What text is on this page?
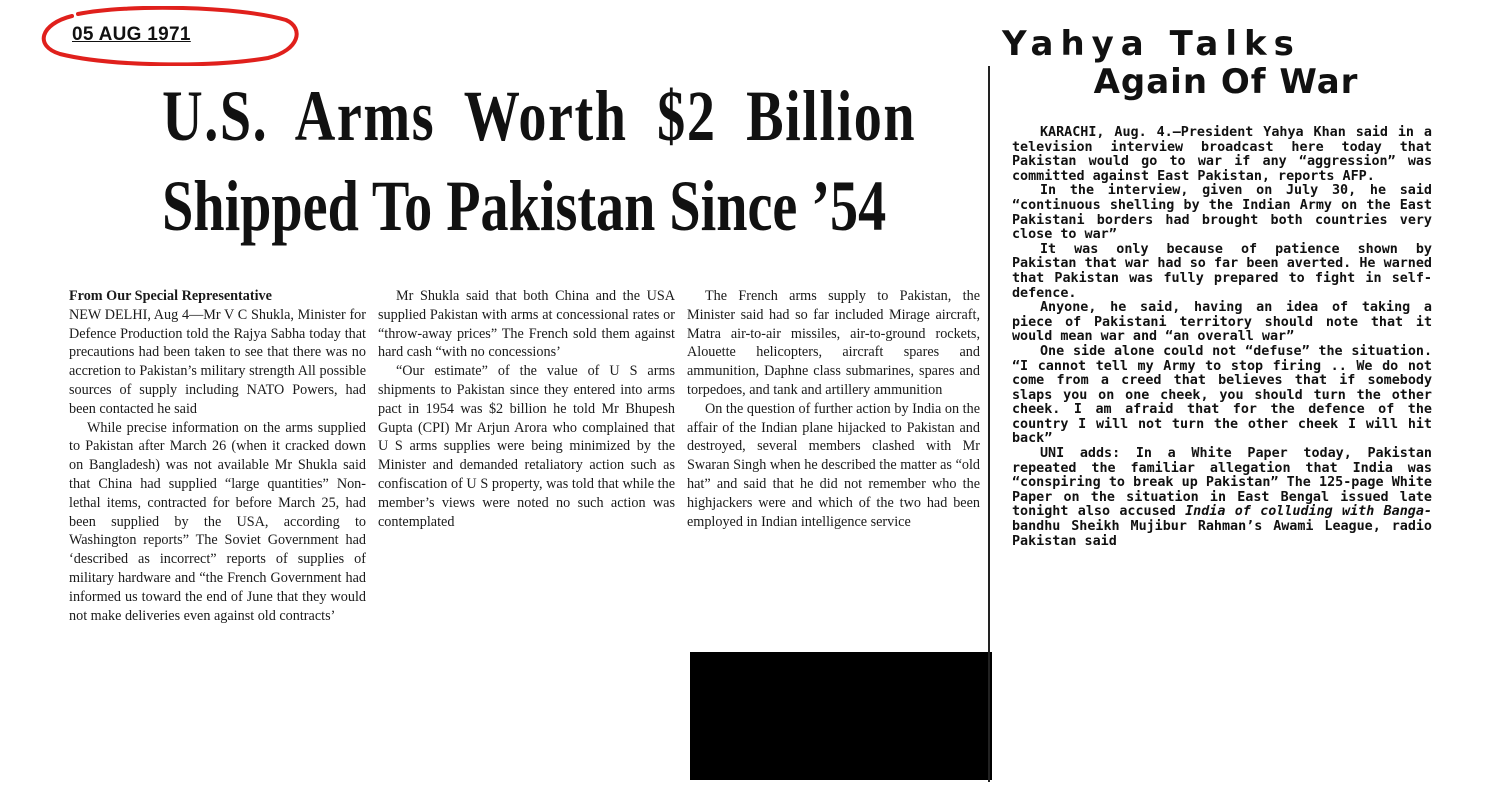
05 AUG 1971
U.S. Arms Worth $2 Billion
Shipped To Pakistan Since ’54
From Our Special Representative

NEW DELHI, Aug 4—Mr V C Shukla, Minister for Defence Production told the Rajya Sabha today that precautions had been taken to see that there was no accretion to Pakistan’s military strength All possible sources of supply including NATO Powers, had been contacted he said

While precise information on the arms supplied to Pakistan after March 26 (when it cracked down on Bangladesh) was not available Mr Shukla said that China had supplied “large quantities” Non-lethal items, contracted for before March 25, had been supplied by the USA, according to Washington reports” The Soviet Government had ‘described as incorrect” reports of supplies of military hardware and “the French Government had informed us toward the end of June that they would not make deliveries even against old contracts’

Mr Shukla said that both China and the USA supplied Pakistan with arms at concessional rates or “throw-away prices” The French sold them against hard cash “with no concessions’

“Our estimate” of the value of U S arms shipments to Pakistan since they entered into arms pact in 1954 was $2 billion he told Mr Bhupesh Gupta (CPI) Mr Arjun Arora who complained that U S arms supplies were being minimized by the Minister and demanded retaliatory action such as confiscation of U S property, was told that while the member’s views were noted no such action was contemplated

The French arms supply to Pakistan, the Minister said had so far included Mirage aircraft, Matra air-to-air missiles, air-to-ground rockets, Alouette helicopters, aircraft spares and ammunition, Daphne class submarines, spares and torpedoes, and tank and artillery ammunition

On the question of further action by India on the affair of the Indian plane hijacked to Pakistan and destroyed, several members clashed with Mr Swaran Singh when he described the matter as “old hat” and said that he did not remember who the highjackers were and which of the two had been employed in Indian intelligence service

Yahya Talks
Again Of War

KARACHI, Aug. 4.—President Yahya Khan said in a television interview broadcast here today that Pakistan would go to war if any “aggression” was committed against East Pakistan, reports AFP.

In the interview, given on July 30, he said “continuous shelling by the Indian Army on the East Pakistani borders had brought both countries very close to war”

It was only because of patience shown by Pakistan that war had so far been averted. He warned that Pakistan was fully prepared to fight in self-defence.

Anyone, he said, having an idea of taking a piece of Pakistani territory should note that it would mean war and “an overall war”

One side alone could not “defuse” the situation. “I cannot tell my Army to stop firing .. We do not come from a creed that believes that if somebody slaps you on one cheek, you should turn the other cheek. I am afraid that for the defence of the country I will not turn the other cheek I will hit back”

UNI adds: In a White Paper today, Pakistan repeated the familiar allegation that India was “conspiring to break up Pakistan” The 125-page White Paper on the situation in East Bengal issued late tonight also accused India of colluding with Banga-bandhu Sheikh Mujibur Rahman’s Awami League, radio Pakistan said
